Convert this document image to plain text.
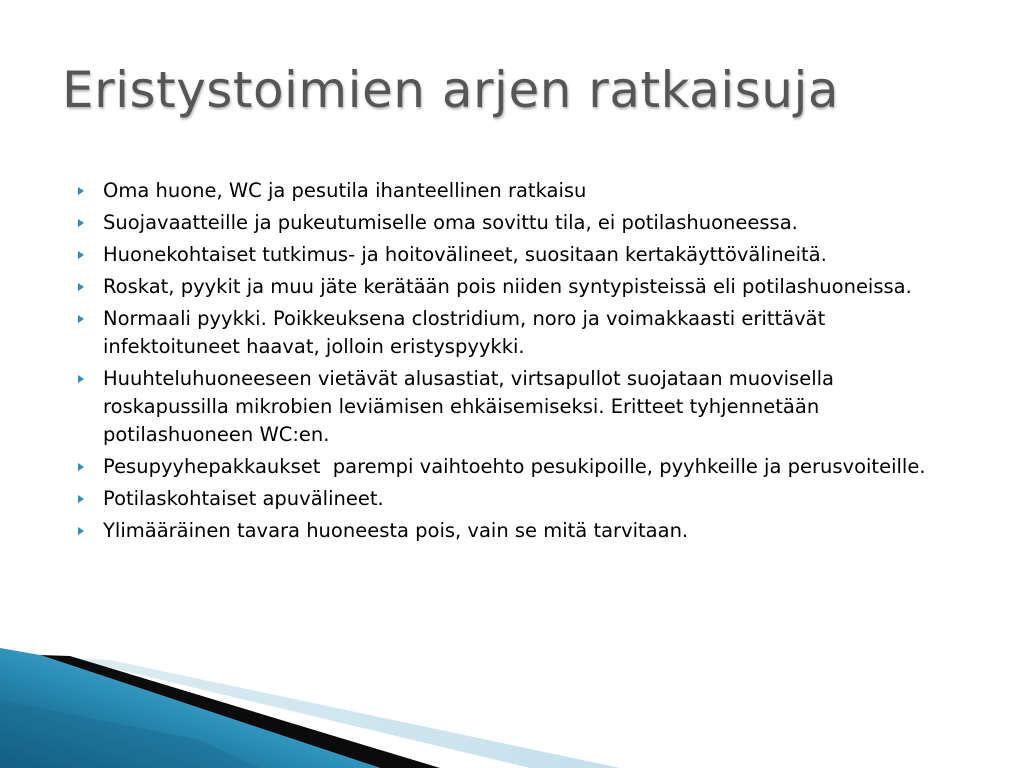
Eristystoimien arjen ratkaisuja
Oma huone, WC ja pesutila ihanteellinen ratkaisu
Suojavaatteille ja pukeutumiselle oma sovittu tila, ei potilashuoneessa.
Huonekohtaiset tutkimus- ja hoitovälineet, suositaan kertakäyttövälineitä.
Roskat, pyykit ja muu jäte kerätään pois niiden syntypisteissä eli potilashuoneissa.
Normaali pyykki. Poikkeuksena clostridium, noro ja voimakkaasti erittävät infektoituneet haavat, jolloin eristyspyykki.
Huuhteluhuoneeseen vietävät alusastiat, virtsapullot suojataan muovisella roskapussilla mikrobien leviämisen ehkäisemiseksi. Eritteet tyhjennetään potilashuoneen WC:en.
Pesupyyhepakkaukset  parempi vaihtoehto pesukipoille, pyyhkeille ja perusvoiteille.
Potilaskohtaiset apuvälineet.
Ylimääräinen tavara huoneesta pois, vain se mitä tarvitaan.
